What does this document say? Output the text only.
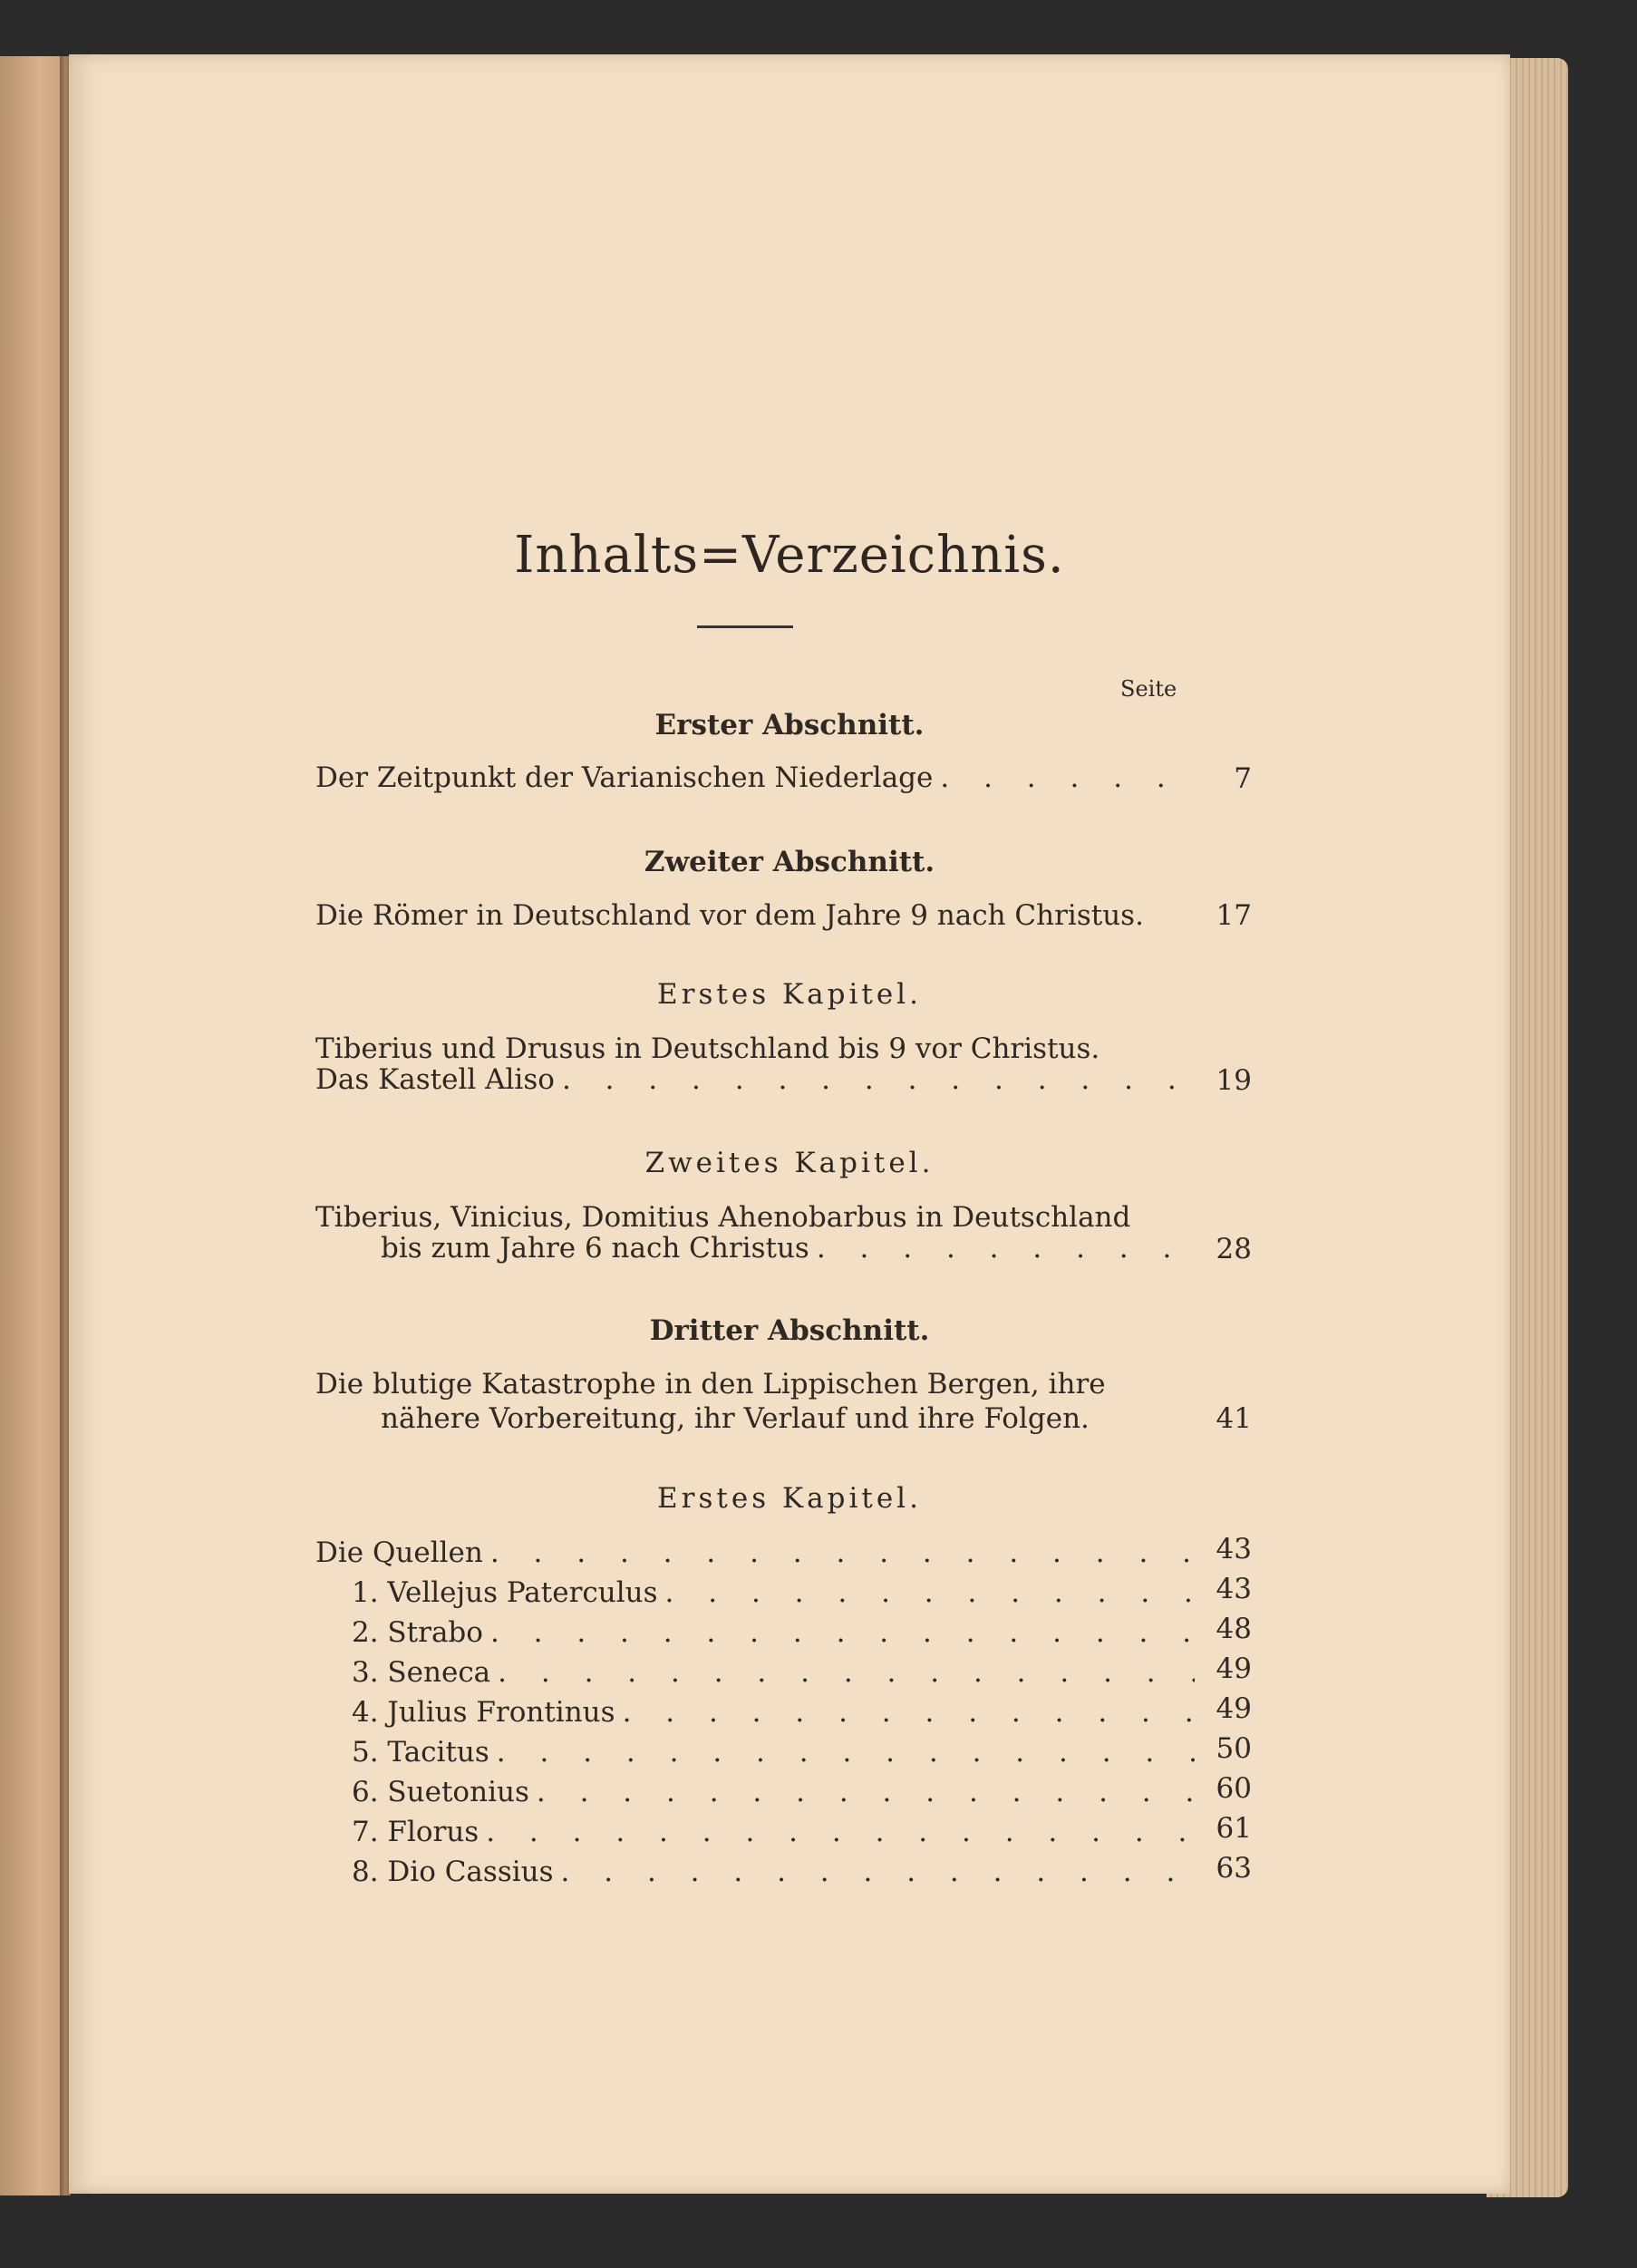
Inhalts=Verzeichnis.
Seite
Erster Abschnitt.
Der Zeitpunkt der Varianischen Niederlage . . .	7
Zweiter Abschnitt.
Die Römer in Deutschland vor dem Jahre 9 nach Christus.	17
Erstes Kapitel.
Tiberius und Drusus in Deutschland bis 9 vor Christus.
Das Kastell Aliso . . .	19
Zweites Kapitel.
Tiberius, Vinicius, Domitius Ahenobarbus in Deutschland
bis zum Jahre 6 nach Christus . . .	28
Dritter Abschnitt.
Die blutige Katastrophe in den Lippischen Bergen, ihre
nähere Vorbereitung, ihr Verlauf und ihre Folgen.	41
Erstes Kapitel.
Die Quellen . . .	43
1. Vellejus Paterculus . . .	43
2. Strabo . . .	48
3. Seneca . . .	49
4. Julius Frontinus . . .	49
5. Tacitus . . .	50
6. Suetonius . . .	60
7. Florus . . .	61
8. Dio Cassius . . .	63
